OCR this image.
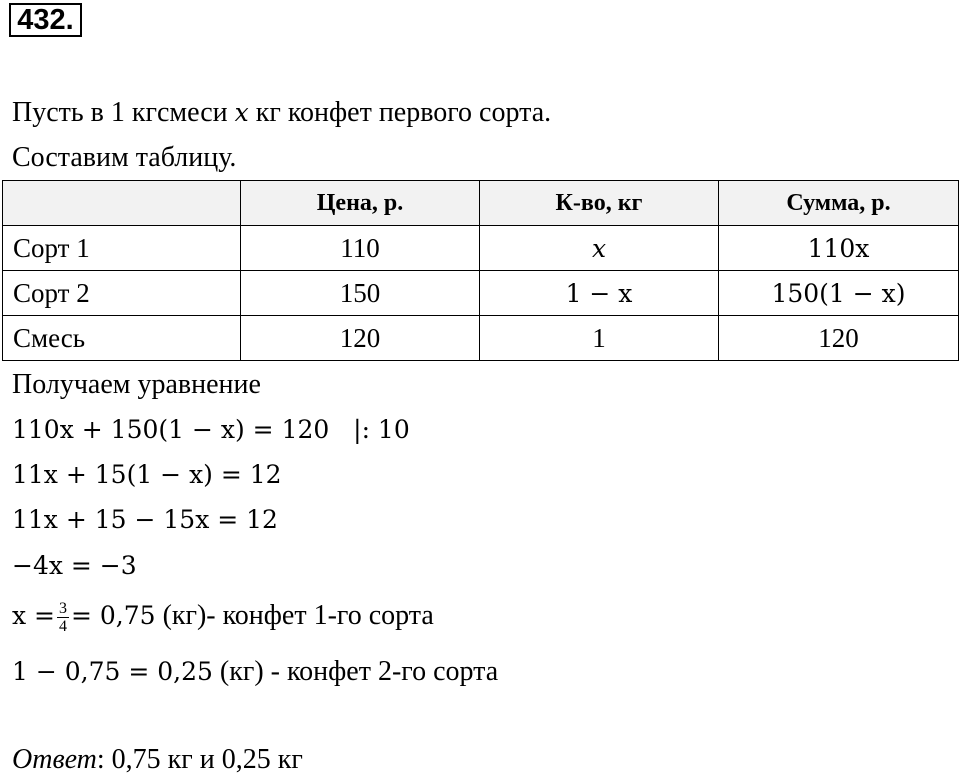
432.
Пусть в 1 кгсмеси x кг конфет первого сорта.
Составим таблицу.
	Цена, р.	К-во, кг	Сумма, р.
Сорт 1	110	x	110x
Сорт 2	150	1 − x	150(1 − x)
Смесь	120	1	120
Получаем уравнение
110x + 150(1 − x) = 120 |: 10
11x + 15(1 − x) = 12
11x + 15 − 15x = 12
−4x = −3
$x = \frac{3}{4} = 0,75$ (кг)- конфет 1-го сорта
1 − 0,75 = 0,25 (кг) - конфет 2-го сорта
Ответ: 0,75 кг и 0,25 кг
